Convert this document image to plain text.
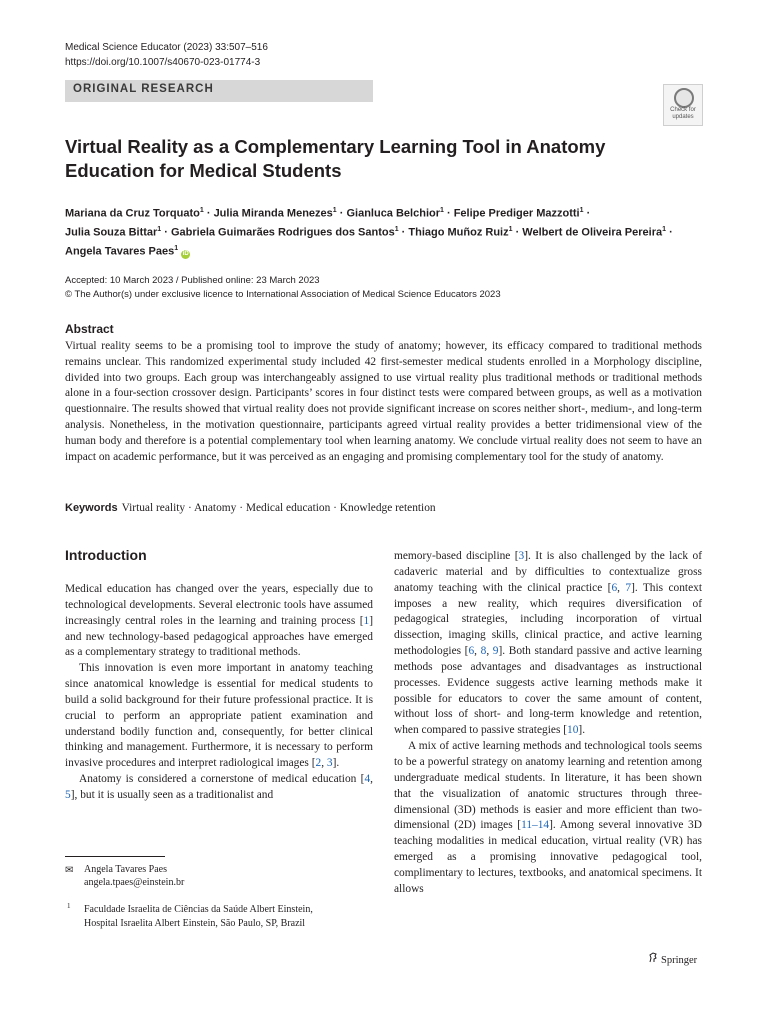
Medical Science Educator (2023) 33:507–516
https://doi.org/10.1007/s40670-023-01774-3
ORIGINAL RESEARCH
Check for updates
Virtual Reality as a Complementary Learning Tool in Anatomy Education for Medical Students
Mariana da Cruz Torquato$^1$ · Julia Miranda Menezes$^1$ · Gianluca Belchior$^1$ · Felipe Prediger Mazzotti$^1$ ·
Julia Souza Bittar$^1$ · Gabriela Guimarães Rodrigues dos Santos$^1$ · Thiago Muñoz Ruiz$^1$ · Welbert de Oliveira Pereira$^1$ ·
Angela Tavares Paes$^1$ iD
Accepted: 10 March 2023 / Published online: 23 March 2023
© The Author(s) under exclusive licence to International Association of Medical Science Educators 2023
Abstract
Virtual reality seems to be a promising tool to improve the study of anatomy; however, its efficacy compared to traditional methods remains unclear. This randomized experimental study included 42 first-semester medical students enrolled in a Morphology discipline, divided into two groups. Each group was interchangeably assigned to use virtual reality plus traditional methods or traditional methods alone in a four-section crossover design. Participants’ scores in four distinct tests were compared between groups, as well as a motivation questionnaire. The results showed that virtual reality does not provide significant increase on scores neither short-, medium-, and long-term analysis. Nonetheless, in the motivation questionnaire, participants agreed virtual reality provides a better tridimensional view of the human body and therefore is a potential complementary tool when learning anatomy. We conclude virtual reality does not seem to have an impact on academic performance, but it was perceived as an engaging and promising complementary tool for the study of anatomy.
Keywords Virtual reality · Anatomy · Medical education · Knowledge retention
Introduction

Medical education has changed over the years, especially due to technological developments. Several electronic tools have assumed increasingly central roles in the learning and training process [1] and new technology-based pedagogical approaches have emerged as a complementary strategy to traditional methods.

This innovation is even more important in anatomy teaching since anatomical knowledge is essential for medical students to build a solid background for their future professional practice. It is crucial to perform an appropriate patient examination and understand bodily function and, consequently, for better clinical thinking and management. Furthermore, it is necessary to perform invasive procedures and interpret radiological images [2, 3].

Anatomy is considered a cornerstone of medical education [4, 5], but it is usually seen as a traditionalist and

memory-based discipline [3]. It is also challenged by the lack of cadaveric material and by difficulties to contextualize gross anatomy teaching with the clinical practice [6, 7]. This context imposes a new reality, which requires diversification of pedagogical strategies, including incorporation of virtual dissection, imaging skills, clinical practice, and active learning methodologies [6, 8, 9]. Both standard passive and active learning methods pose advantages and disadvantages as instructional processes. Evidence suggests active learning methods make it possible for educators to cover the same amount of content, without loss of short- and long-term knowledge and retention, when compared to passive strategies [10].

A mix of active learning methods and technological tools seems to be a powerful strategy on anatomy learning and retention among undergraduate medical students. In literature, it has been shown that the visualization of anatomic structures through three-dimensional (3D) methods is easier and more efficient than two-dimensional (2D) images [11–14]. Among several innovative 3D teaching modalities in medical education, virtual reality (VR) has emerged as a promising innovative pedagogical tool, complimentary to lectures, textbooks, and anatomical specimens. It allows

✉ Angela Tavares Paes
angela.tpaes@einstein.br
1 Faculdade Israelita de Ciências da Saúde Albert Einstein,
Hospital Israelita Albert Einstein, São Paulo, SP, Brazil
Springer
